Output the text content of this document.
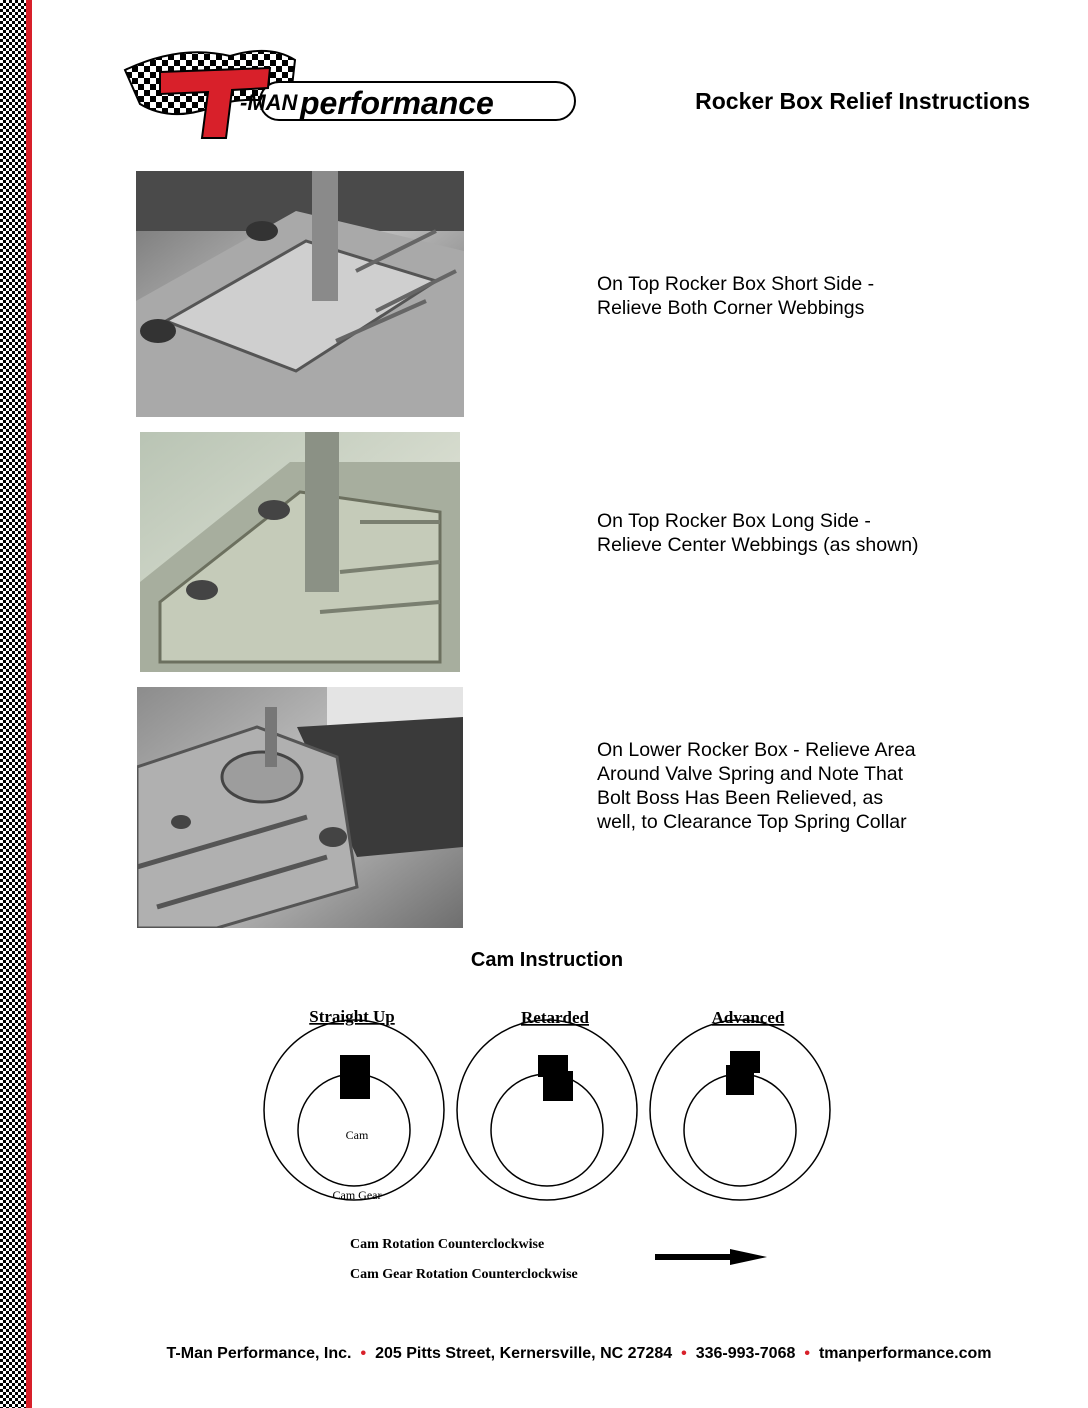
-MAN performance	Rocker Box Relief Instructions
On Top Rocker Box Short Side - Relieve Both Corner Webbings
On Top Rocker Box Long Side - Relieve Center Webbings (as shown)
On Lower Rocker Box - Relieve Area Around Valve Spring and Note That Bolt Boss Has Been Relieved, as well, to Clearance Top Spring Collar
Cam Instruction
Straight Up	Retarded	Advanced
Cam
Cam Gear
Cam Rotation Counterclockwise
Cam Gear Rotation Counterclockwise
T-Man Performance, Inc. • 205 Pitts Street, Kernersville, NC 27284 • 336-993-7068 • tmanperformance.com
